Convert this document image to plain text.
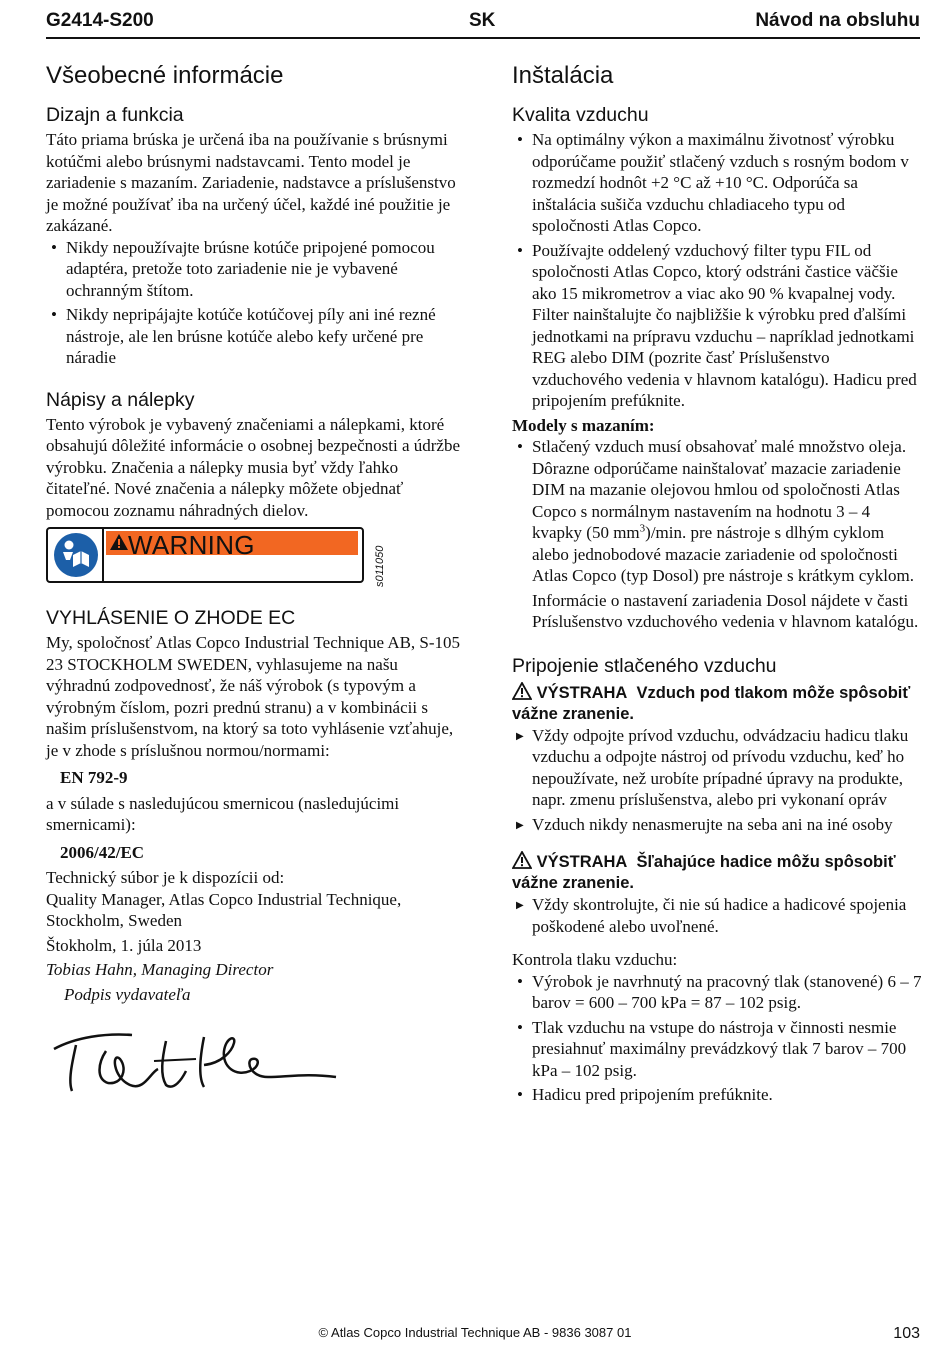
G2414-S200	SK	Návod na obsluhu
Všeobecné informácie
Dizajn a funkcia

Táto priama brúska je určená iba na používanie s brúsnymi kotúčmi alebo brúsnymi nadstavcami. Tento model je zariadenie s mazaním. Zariadenie, nadstavce a príslušenstvo je možné používať iba na určený účel, každé iné použitie je zakázané.

• Nikdy nepoužívajte brúsne kotúče pripojené pomocou adaptéra, pretože toto zariadenie nie je vybavené ochranným štítom.
• Nikdy nepripájajte kotúče kotúčovej píly ani iné rezné nástroje, ale len brúsne kotúče alebo kefy určené pre náradie
Nápisy a nálepky

Tento výrobok je vybavený značeniami a nálepkami, ktoré obsahujú dôležité informácie o osobnej bezpečnosti a údržbe výrobku. Značenia a nálepky musia byť vždy ľahko čitateľné. Nové značenia a nálepky môžete objednať pomocou zoznamu náhradných dielov.

WARNING
s011050
VYHLÁSENIE O ZHODE EC

My, spoločnosť Atlas Copco Industrial Technique AB, S-105 23 STOCKHOLM SWEDEN, vyhlasujeme na našu výhradnú zodpovednosť, že náš výrobok (s typovým a výrobným číslom, pozri prednú stranu) a v kombinácii s našim príslušenstvom, na ktorý sa toto vyhlásenie vzťahuje, je v zhode s príslušnou normou/normami:

EN 792-9

a v súlade s nasledujúcou smernicou (nasledujúcimi smernicami):

2006/42/EC

Technický súbor je k dispozícii od:

Quality Manager, Atlas Copco Industrial Technique, Stockholm, Sweden

Štokholm, 1. júla 2013

Tobias Hahn, Managing Director

Podpis vydavateľa

Inštalácia
Kvalita vzduchu
• Na optimálny výkon a maximálnu životnosť výrobku odporúčame použiť stlačený vzduch s rosným bodom v rozmedzí hodnôt +2 °C až +10 °C. Odporúča sa inštalácia sušiča vzduchu chladiaceho typu od spoločnosti Atlas Copco.
• Používajte oddelený vzduchový filter typu FIL od spoločnosti Atlas Copco, ktorý odstráni častice väčšie ako 15 mikrometrov a viac ako 90 % kvapalnej vody. Filter nainštalujte čo najbližšie k výrobku pred ďalšími jednotkami na prípravu vzduchu – napríklad jednotkami REG alebo DIM (pozrite časť Príslušenstvo vzduchového vedenia v hlavnom katalógu). Hadicu pred pripojením prefúknite.

Modely s mazaním:

• Stlačený vzduch musí obsahovať malé množstvo oleja. Dôrazne odporúčame nainštalovať mazacie zariadenie DIM na mazanie olejovou hmlou od spoločnosti Atlas Copco s normálnym nastavením na hodnotu 3 – 4 kvapky (50 $mm^3)/\min$. pre nástroje s dlhým cyklom alebo jednobodové mazacie zariadenie od spoločnosti Atlas Copco (typ Dosol) pre nástroje s krátkym cyklom.

Informácie o nastavení zariadenia Dosol nájdete v časti Príslušenstvo vzduchového vedenia v hlavnom katalógu.

Pripojenie stlačeného vzduchu

VÝSTRAHA Vzduch pod tlakom môže spôsobiť vážne zranenie.

▶ Vždy odpojte prívod vzduchu, odvádzaciu hadicu tlaku vzduchu a odpojte nástroj od prívodu vzduchu, keď ho nepoužívate, než urobíte prípadné úpravy na produkte, napr. zmenu príslušenstva, alebo pri vykonaní opráv
▶ Vzduch nikdy nenasmerujte na seba ani na iné osoby

VÝSTRAHA Šľahajúce hadice môžu spôsobiť vážne zranenie.

▶ Vždy skontrolujte, či nie sú hadice a hadicové spojenia poškodené alebo uvoľnené.

Kontrola tlaku vzduchu:

• Výrobok je navrhnutý na pracovný tlak (stanovené) 6 – 7 barov = 600 – 700 kPa = 87 – 102 psig.
• Tlak vzduchu na vstupe do nástroja v činnosti nesmie presiahnuť maximálny prevádzkový tlak 7 barov – 700 kPa – 102 psig.
• Hadicu pred pripojením prefúknite.
© Atlas Copco Industrial Technique AB - 9836 3087 01	103
